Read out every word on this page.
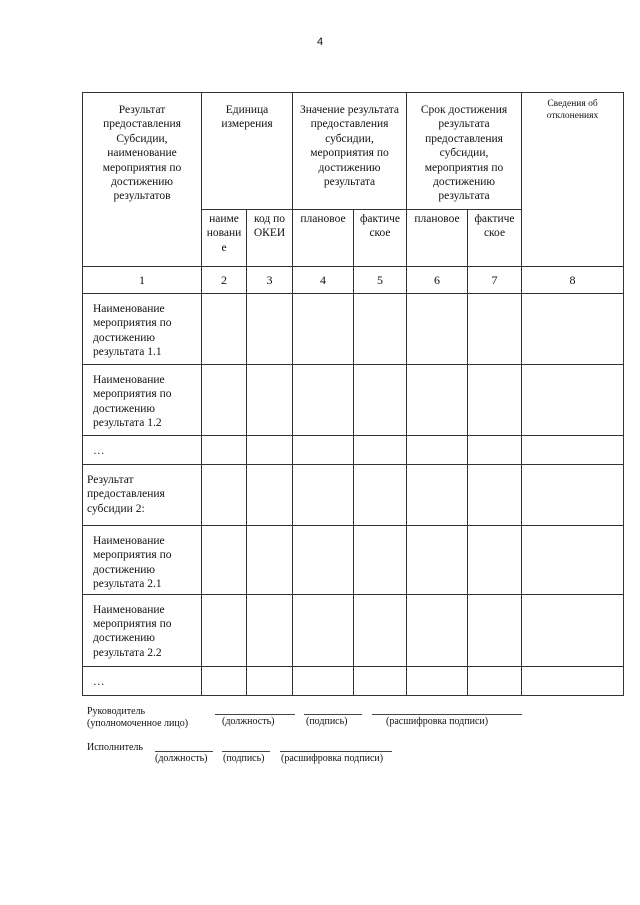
4
Результат предоставления Субсидии, наименование мероприятия по достижению результатов	Единица измерения		Значение результата предоставления субсидии, мероприятия по достижению результата		Срок достижения результата предоставления субсидии, мероприятия по достижению результата		Сведения об отклонениях
	наиме новани е	код по ОКЕИ	плановое	фактиче ское	плановое	фактиче ское	
1	2	3	4	5	6	7	8
Наименование мероприятия по достижению результата 1.1							
Наименование мероприятия по достижению результата 1.2							
…							
Результат предоставления субсидии 2:							
Наименование мероприятия по достижению результата 2.1							
Наименование мероприятия по достижению результата 2.2							
…							
Руководитель
(уполномоченное лицо)	(должность)	(подпись)	(расшифровка подписи)
Исполнитель
(должность) (подпись) (расшифровка подписи)
